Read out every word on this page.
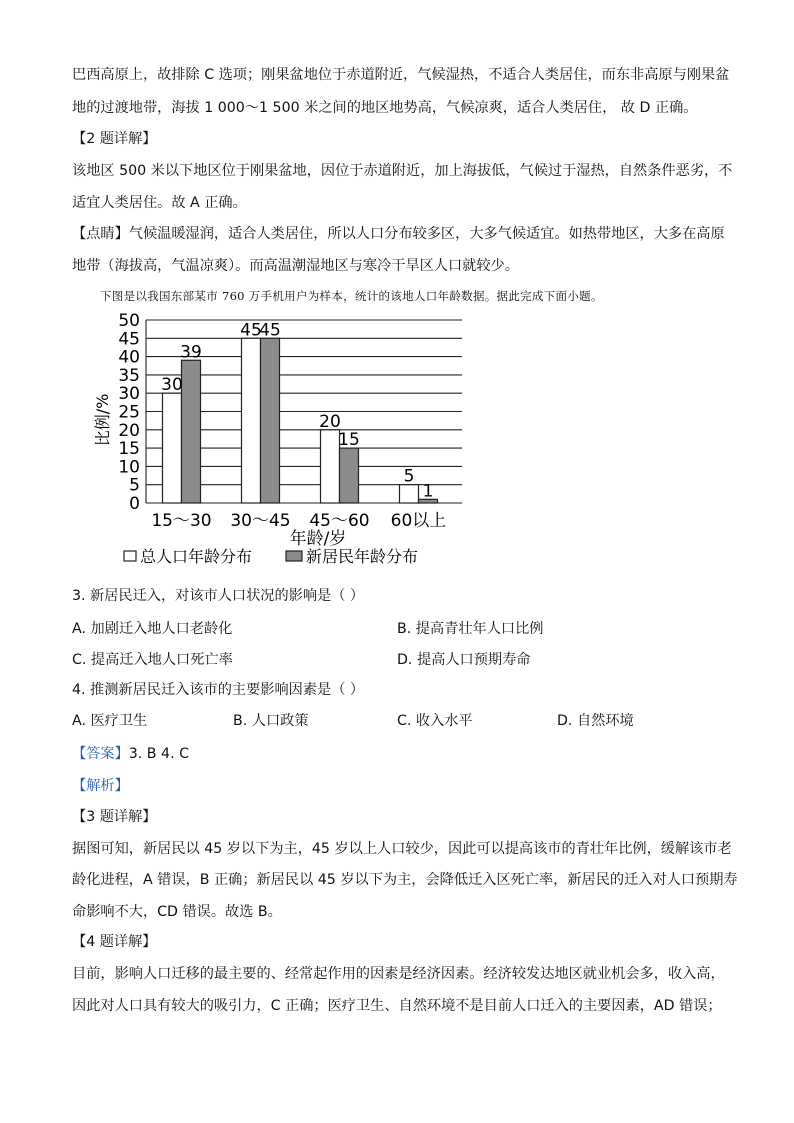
巴西高原上，故排除 C 选项；刚果盆地位于赤道附近，气候湿热，不适合人类居住，而东非高原与刚果盆
地的过渡地带，海拔 1 000～1 500 米之间的地区地势高，气候凉爽，适合人类居住， 故 D 正确。
【2 题详解】
该地区 500 米以下地区位于刚果盆地，因位于赤道附近，加上海拔低，气候过于湿热，自然条件恶劣，不
适宜人类居住。故 A 正确。
【点睛】气候温暖湿润，适合人类居住，所以人口分布较多区，大多气候适宜。如热带地区，大多在高原
地带（海拔高，气温凉爽）。而高温潮湿地区与寒冷干旱区人口就较少。
下图是以我国东部某市 760 万手机用户为样本，统计的该地人口年龄数据。据此完成下面小题。
0
5
10
15
20
25
30
35
40
45
50
30
39
45
45
20
15
5
1
15～30 30～45 45～60 60以上
比例/%
年龄/岁
总人口年龄分布	新居民年龄分布
3. 新居民迁入，对该市人口状况的影响是（ ）
A. 加剧迁入地人口老龄化	B. 提高青壮年人口比例
C. 提高迁入地人口死亡率	D. 提高人口预期寿命
4. 推测新居民迁入该市的主要影响因素是（ ）
A. 医疗卫生	B. 人口政策	C. 收入水平	D. 自然环境
【答案】3. B 4. C
【解析】
【3 题详解】
据图可知，新居民以 45 岁以下为主，45 岁以上人口较少，因此可以提高该市的青壮年比例，缓解该市老
龄化进程，A 错误，B 正确；新居民以 45 岁以下为主，会降低迁入区死亡率，新居民的迁入对人口预期寿
命影响不大，CD 错误。故选 B。
【4 题详解】
目前，影响人口迁移的最主要的、经常起作用的因素是经济因素。经济较发达地区就业机会多，收入高，
因此对人口具有较大的吸引力，C 正确；医疗卫生、自然环境不是目前人口迁入的主要因素，AD 错误；
